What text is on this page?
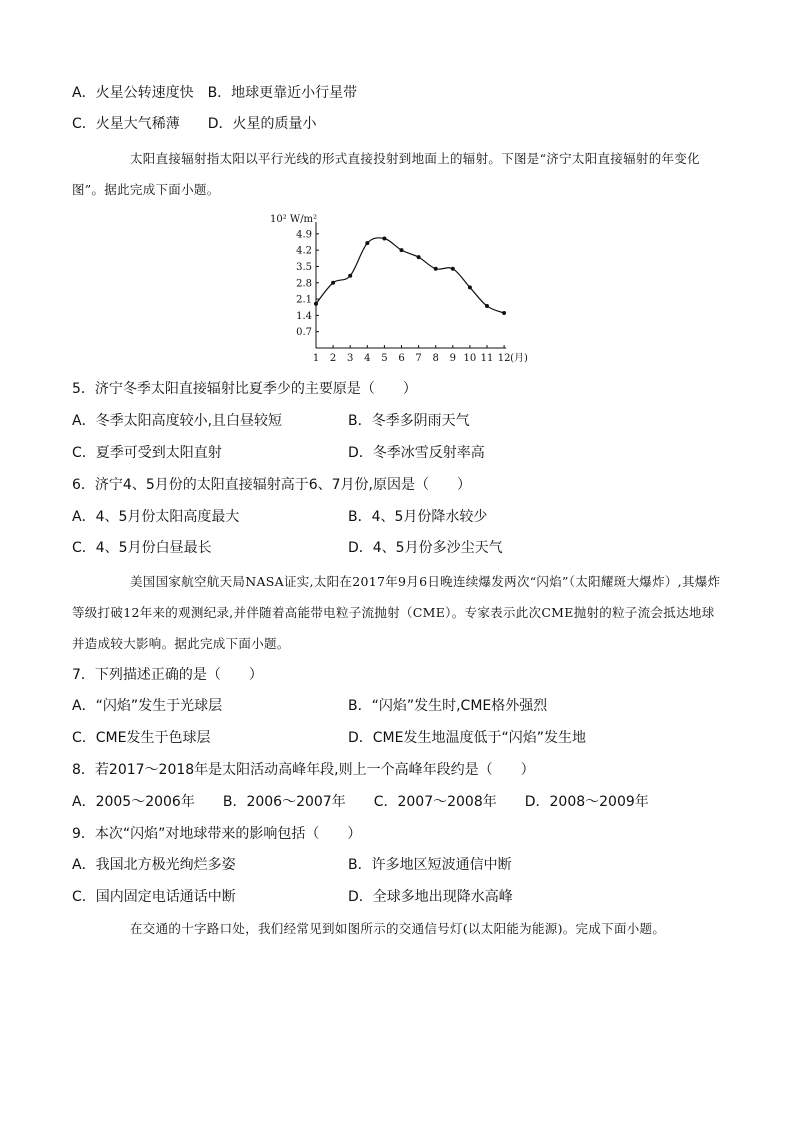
A．火星公转速度快　B．地球更靠近小行星带
C．火星大气稀薄　　D．火星的质量小
太阳直接辐射指太阳以平行光线的形式直接投射到地面上的辐射。下图是“济宁太阳直接辐射的年变化图”。据此完成下面小题。
10² W/m²
0.7
1.4
2.1
2.8
3.5
4.2
4.9
1 2 3 4 5 6 7 8 9 10 11 12 (月)
5．济宁冬季太阳直接辐射比夏季少的主要原是（　　）
A．冬季太阳高度较小,且白昼较短	B．冬季多阴雨天气
C．夏季可受到太阳直射	D．冬季冰雪反射率高
6．济宁4、5月份的太阳直接辐射高于6、7月份,原因是（　　）
A．4、5月份太阳高度最大	B．4、5月份降水较少
C．4、5月份白昼最长	D．4、5月份多沙尘天气
美国国家航空航天局NASA证实,太阳在2017年9月6日晚连续爆发两次“闪焰”（太阳耀斑大爆炸）,其爆炸等级打破12年来的观测纪录,并伴随着高能带电粒子流抛射（CME）。专家表示此次CME抛射的粒子流会抵达地球并造成较大影响。据此完成下面小题。
7．下列描述正确的是（　　）
A．“闪焰”发生于光球层	B．“闪焰”发生时,CME格外强烈
C．CME发生于色球层	D．CME发生地温度低于“闪焰”发生地
8．若2017～2018年是太阳活动高峰年段,则上一个高峰年段约是（　　）
A．2005～2006年　　B．2006～2007年　　C．2007～2008年　　D．2008～2009年
9．本次“闪焰”对地球带来的影响包括（　　）
A．我国北方极光绚烂多姿	B．许多地区短波通信中断
C．国内固定电话通话中断	D．全球多地出现降水高峰
在交通的十字路口处，我们经常见到如图所示的交通信号灯(以太阳能为能源)。完成下面小题。
